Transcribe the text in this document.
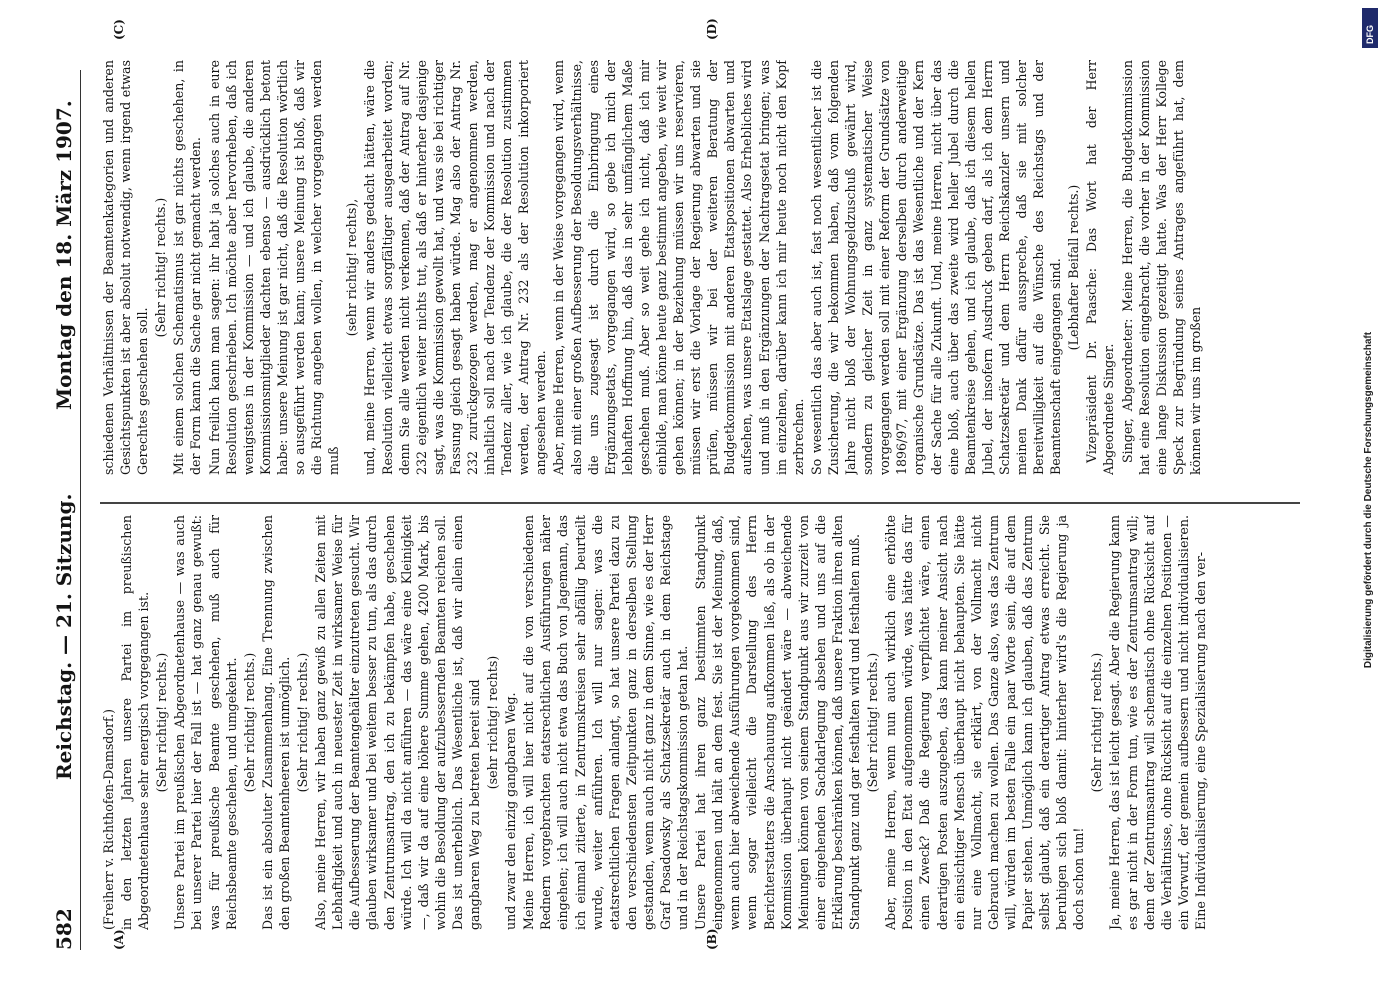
582
Reichstag. — 21. Sitzung.
Montag den 18. März 1907.
(A)	(B)
(C)	(D)

(Freiherr v. Richthofen-Damsdorf.) in den letzten Jahren unsere Partei im preußischen Abgeordnetenhause sehr energisch vorgegangen ist. (Sehr richtig! rechts.) Unsere Partei im preußischen Abgeordnetenhause — was auch bei unserer Partei hier der Fall ist — hat ganz genau gewußt: was für preußische Beamte geschehen, muß auch für Reichsbeamte geschehen, und umgekehrt. (Sehr richtig! rechts.) Das ist ein absoluter Zusammenhang. Eine Trennung zwischen den großen Beamtenheeren ist unmöglich. (Sehr richtig! rechts.) Also, meine Herren, wir haben ganz gewiß zu allen Zeiten mit Lebhaftigkeit und auch in neuester Zeit in wirksamer Weise für die Aufbesserung der Beamtengehälter einzutreten gesucht. Wir glauben wirksamer und bei weitem besser zu tun, als das durch den Zentrumsantrag, den ich zu bekämpfen habe, geschehen würde. Ich will da nicht anführen — das wäre eine Kleinigkeit —, daß wir da auf eine höhere Summe gehen, 4200 Mark, bis wohin die Besoldung der aufzubessernden Beamten reichen soll. Das ist unerheblich. Das Wesentliche ist, daß wir allein einen gangbaren Weg zu betreten bereit sind (sehr richtig! rechts) und zwar den einzig gangbaren Weg. Meine Herren, ich will hier nicht auf die von verschiedenen Rednern vorgebrachten etatsrechtlichen Ausführungen näher eingehen; ich will auch nicht etwa das Buch von Jagemann, das ich einmal zitierte, in Zentrumskreisen sehr abfällig beurteilt wurde, weiter anführen. Ich will nur sagen: was die etatsrechtlichen Fragen anlangt, so hat unsere Partei dazu zu den verschiedensten Zeitpunkten ganz in derselben Stellung gestanden, wenn auch nicht ganz in dem Sinne, wie es der Herr Graf Posadowsky als Schatzsekretär auch in dem Reichstage und in der Reichstagskommission getan hat. Unsere Partei hat ihren ganz bestimmten Standpunkt eingenommen und hält an dem fest. Sie ist der Meinung, daß, wenn auch hier abweichende Ausführungen vorgekommen sind, wenn sogar vielleicht die Darstellung des Herrn Berichterstatters die Anschauung aufkommen ließ, als ob in der Kommission überhaupt nicht geändert wäre — abweichende Meinungen können von seinem Standpunkt aus wir zurzeit von einer eingehenden Sachdarlegung absehen und uns auf die Erklärung beschränken können, daß unsere Fraktion ihren alten Standpunkt ganz und gar festhalten wird und festhalten muß. (Sehr richtig! rechts.) Aber, meine Herren, wenn nun auch wirklich eine erhöhte Position in den Etat aufgenommen würde, was hätte das für einen Zweck? Daß die Regierung verpflichtet wäre, einen derartigen Posten auszugeben, das kann meiner Ansicht nach ein einsichtiger Mensch überhaupt nicht behaupten. Sie hätte nur eine Vollmacht, sie erklärt, von der Vollmacht nicht Gebrauch machen zu wollen. Das Ganze also, was das Zentrum will, würden im besten Falle ein paar Worte sein, die auf dem Papier stehen. Unmöglich kann ich glauben, daß das Zentrum selbst glaubt, daß ein derartiger Antrag etwas erreicht. Sie beruhigen sich bloß damit: hinterher wird's die Regierung ja doch schon tun!

(Sehr richtig! rechts.) Ja, meine Herren, das ist leicht gesagt. Aber die Regierung kann es gar nicht in der Form tun, wie es der Zentrumsantrag will; denn der Zentrumsantrag will schematisch ohne Rücksicht auf die Verhältnisse, ohne Rücksicht auf die einzelnen Positionen — ein Vorwurf, der gemein aufbessern und nicht individualisieren. Eine Individualisierung, eine Spezialisierung nach den ver-

schiedenen Verhältnissen der Beamtenkategorien und anderen Gesichtspunkten ist aber absolut notwendig, wenn irgend etwas Gerechtes geschehen soll.

(Sehr richtig! rechts.) Mit einem solchen Schematismus ist gar nichts geschehen, in der Form kann die Sache gar nicht gemacht werden. Nun freilich kann man sagen: ihr habt ja solches auch in eure Resolution geschrieben. Ich möchte aber hervorheben, daß ich wenigstens in der Kommission — und ich glaube, die anderen Kommissionsmitglieder dachten ebenso — ausdrücklich betont habe: unsere Meinung ist gar nicht, daß die Resolution wörtlich so ausgeführt werden kann; unsere Meinung ist bloß, daß wir die Richtung angeben wollen, in welcher vorgegangen werden muß

(sehr richtig! rechts), und, meine Herren, wenn wir anders gedacht hätten, wäre die Resolution vielleicht etwas sorgfältiger ausgearbeitet worden; denn Sie alle werden nicht verkennen, daß der Antrag auf Nr. 232 eigentlich weiter nichts tut, als daß er hinterher dasjenige sagt, was die Kommission gewollt hat, und was sie bei richtiger Fassung gleich gesagt haben würde. Mag also der Antrag Nr. 232 zurückgezogen werden, mag er angenommen werden, inhaltlich soll nach der Tendenz der Kommission und nach der Tendenz aller, wie ich glaube, die der Resolution zustimmen werden, der Antrag Nr. 232 als der Resolution inkorporiert angesehen werden. Aber, meine Herren, wenn in der Weise vorgegangen wird, wenn also mit einer großen Aufbesserung der Besoldungsverhältnisse, die uns zugesagt ist durch die Einbringung eines Ergänzungsetats, vorgegangen wird, so gebe ich mich der lebhaften Hoffnung hin, daß das in sehr umfänglichem Maße geschehen muß. Aber so weit gehe ich nicht, daß ich mir einbilde, man könne heute ganz bestimmt angeben, wie weit wir gehen können; in der Beziehung müssen wir uns reservieren, müssen wir erst die Vorlage der Regierung abwarten und sie prüfen, müssen wir bei der weiteren Beratung der Budgetkommission mit anderen Etatspositionen abwarten und aufsehen, was unsere Etatslage gestattet. Also Erhebliches wird und muß in den Ergänzungen der Nachtragsetat bringen; was im einzelnen, darüber kann ich mir heute noch nicht den Kopf zerbrechen. So wesentlich das aber auch ist, fast noch wesentlicher ist die Zusicherung, die wir bekommen haben, daß vom folgenden Jahre nicht bloß der Wohnungsgeldzuschuß gewährt wird, sondern zu gleicher Zeit in ganz systematischer Weise vorgegangen werden soll mit einer Reform der Grundsätze von 1896/97, mit einer Ergänzung derselben durch anderweitige organische Grundsätze. Das ist das Wesentliche und der Kern der Sache für alle Zukunft. Und, meine Herren, nicht über das eine bloß, auch über das zweite wird heller Jubel durch die Beamtenkreise gehen, und ich glaube, daß ich diesem hellen Jubel, der insofern Ausdruck geben darf, als ich dem Herrn Schatzsekretär und dem Herrn Reichskanzler unsern und meinen Dank dafür ausspreche, daß sie mit solcher Bereitwilligkeit auf die Wünsche des Reichstags und der Beamtenschaft eingegangen sind. (Lebhafter Beifall rechts.) Vizepräsident Dr. Paasche: Das Wort hat der Herr Abgeordnete Singer. Singer, Abgeordneter: Meine Herren, die Budgetkommission hat eine Resolution eingebracht, die vorher in der Kommission eine lange Diskussion gezeitigt hatte. Was der Herr Kollege Speck zur Begründung seines Antrages angeführt hat, dem können wir uns im großen	Digitalisierung gefördert durch die Deutsche Forschungsgemeinschaft
DFG
